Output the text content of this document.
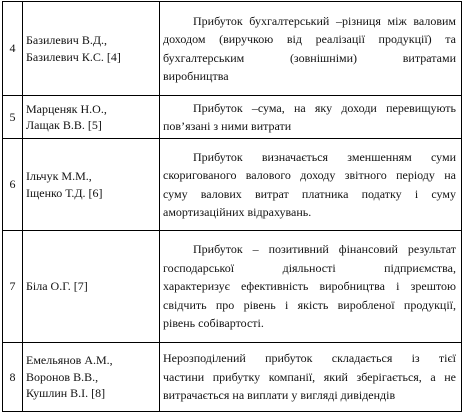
4	Базилевич В.Д.,
Базилевич К.С. [4]	Прибуток бухгалтерський –різниця між валовим
доходом (виручкою від реалізації продукції) та
бухгалтерським (зовнішніми) витратами
виробництва

5	Марценяк Н.О.,
Лащак В.В. [5]	Прибуток –сума, на яку доходи перевищують
пов’язані з ними витрати

6	Ільчук М.М.,
Іщенко Т.Д. [6]	Прибуток визначається зменшенням суми
скоригованого валового доходу звітного періоду на
суму валових витрат платника податку і суму
амортизаційних відрахувань.

7	Біла О.Г. [7]	Прибуток – позитивний фінансовий результат
господарської діяльності підприємства,
характеризує ефективність виробництва і зрештою
свідчить про рівень і якість виробленої продукції,
рівень собівартості.

8	Емельянов А.М.,
Воронов В.В.,
Кушлин В.І. [8]	Нерозподілений прибуток складається із тієї
частини прибутку компанії, який зберігається, а не
витрачається на виплати у вигляді дивідендів
